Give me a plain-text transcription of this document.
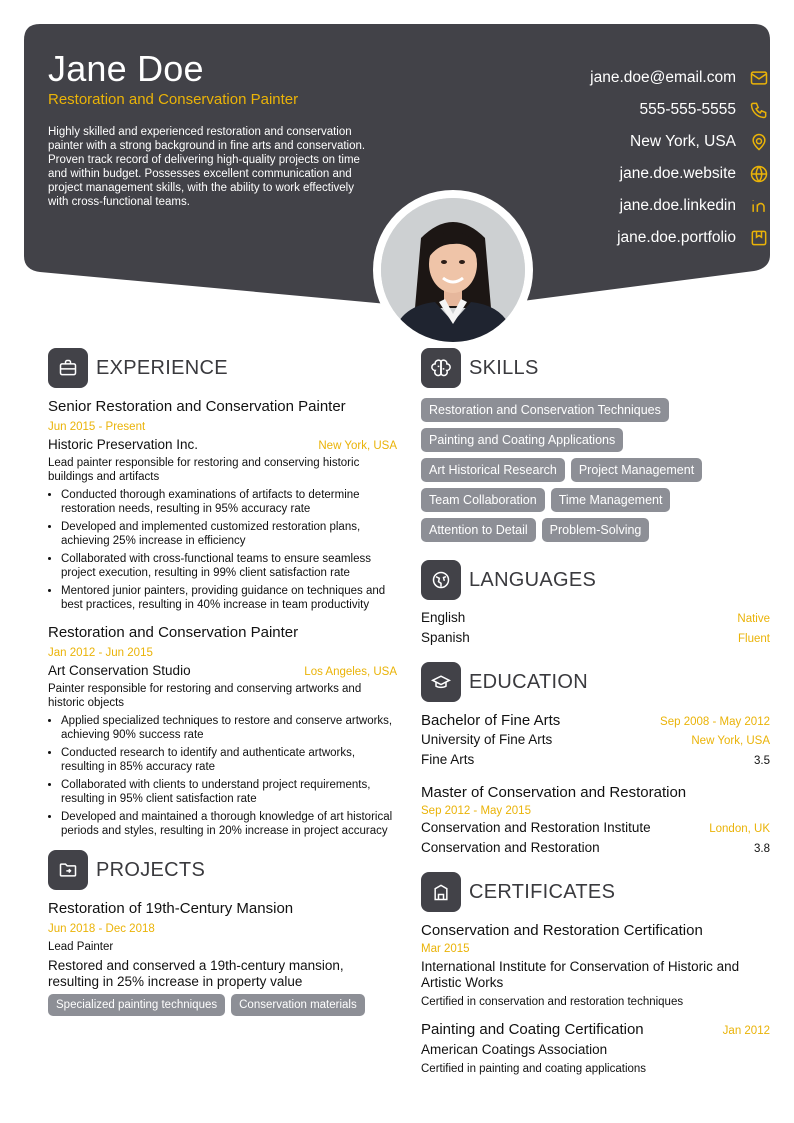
Jane Doe
Restoration and Conservation Painter
Highly skilled and experienced restoration and conservation painter with a strong background in fine arts and conservation. Proven track record of delivering high-quality projects on time and within budget. Possesses excellent communication and project management skills, with the ability to work effectively with cross-functional teams.
jane.doe@email.com
555-555-5555
New York, USA
jane.doe.website
jane.doe.linkedin
jane.doe.portfolio
EXPERIENCE
Senior Restoration and Conservation Painter
Jun 2015 - Present
Historic Preservation Inc.	New York, USA
Lead painter responsible for restoring and conserving historic buildings and artifacts
• Conducted thorough examinations of artifacts to determine restoration needs, resulting in 95% accuracy rate
• Developed and implemented customized restoration plans, achieving 25% increase in efficiency
• Collaborated with cross-functional teams to ensure seamless project execution, resulting in 99% client satisfaction rate
• Mentored junior painters, providing guidance on techniques and best practices, resulting in 40% increase in team productivity
Restoration and Conservation Painter
Jan 2012 - Jun 2015
Art Conservation Studio	Los Angeles, USA
Painter responsible for restoring and conserving artworks and historic objects
• Applied specialized techniques to restore and conserve artworks, achieving 90% success rate
• Conducted research to identify and authenticate artworks, resulting in 85% accuracy rate
• Collaborated with clients to understand project requirements, resulting in 95% client satisfaction rate
• Developed and maintained a thorough knowledge of art historical periods and styles, resulting in 20% increase in project accuracy
PROJECTS
Restoration of 19th-Century Mansion
Jun 2018 - Dec 2018
Lead Painter
Restored and conserved a 19th-century mansion, resulting in 25% increase in property value
Specialized painting techniques	Conservation materials
SKILLS
Restoration and Conservation Techniques
Painting and Coating Applications
Art Historical Research	Project Management
Team Collaboration	Time Management
Attention to Detail	Problem-Solving
LANGUAGES
English	Native
Spanish	Fluent
EDUCATION
Bachelor of Fine Arts	Sep 2008 - May 2012
University of Fine Arts	New York, USA
Fine Arts	3.5
Master of Conservation and Restoration
Sep 2012 - May 2015
Conservation and Restoration Institute	London, UK
Conservation and Restoration	3.8
CERTIFICATES
Conservation and Restoration Certification
Mar 2015
International Institute for Conservation of Historic and Artistic Works
Certified in conservation and restoration techniques
Painting and Coating Certification	Jan 2012
American Coatings Association
Certified in painting and coating applications
